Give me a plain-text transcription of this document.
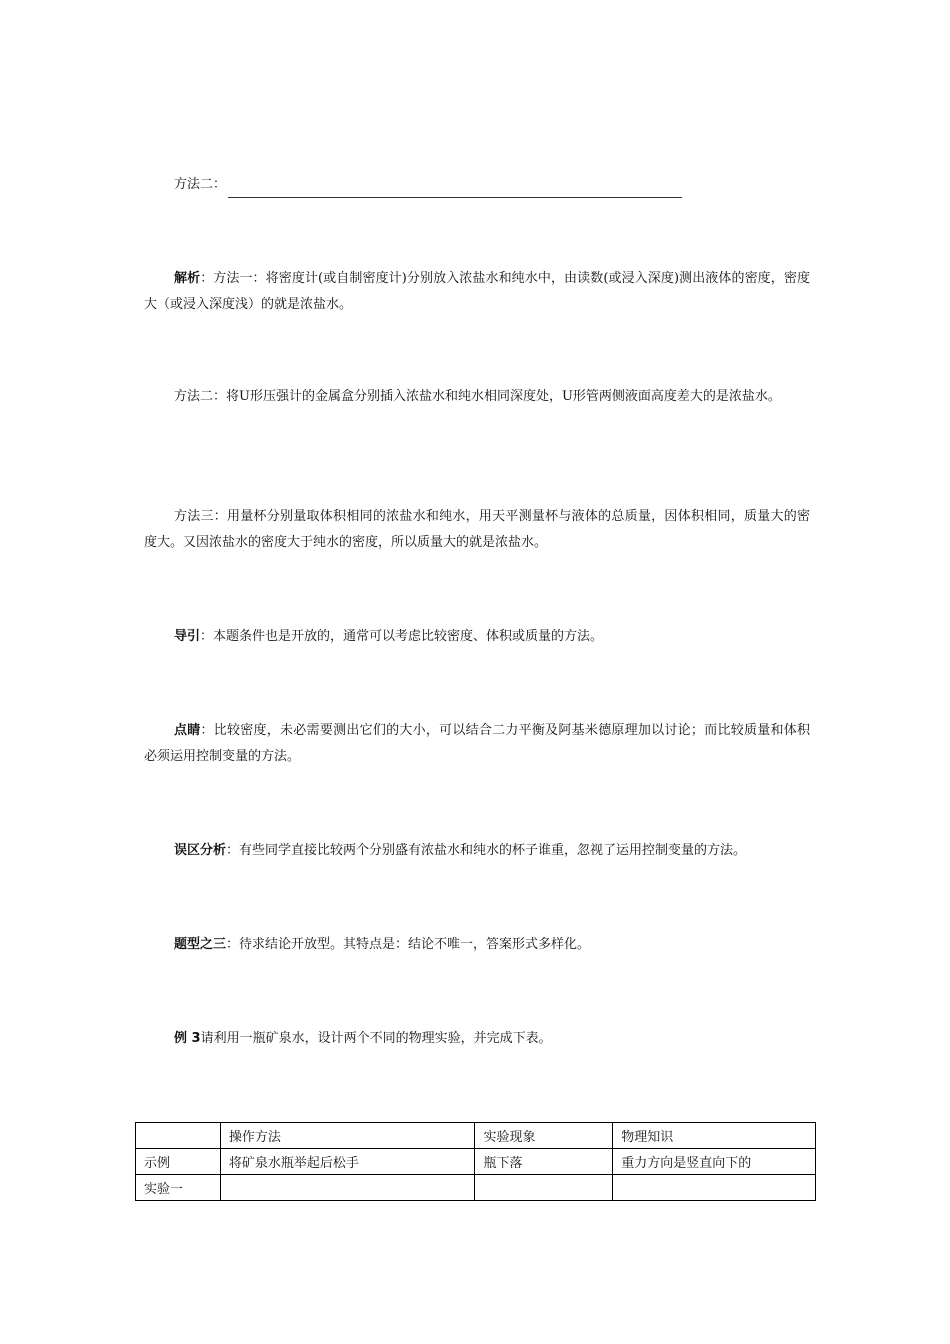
方法二：

解析：方法一：将密度计(或自制密度计)分别放入浓盐水和纯水中，由读数(或浸入深度)测出液体的密度，密度大（或浸入深度浅）的就是浓盐水。

方法二：将U形压强计的金属盒分别插入浓盐水和纯水相同深度处，U形管两侧液面高度差大的是浓盐水。

方法三：用量杯分别量取体积相同的浓盐水和纯水，用天平测量杯与液体的总质量，因体积相同，质量大的密度大。又因浓盐水的密度大于纯水的密度，所以质量大的就是浓盐水。

导引：本题条件也是开放的，通常可以考虑比较密度、体积或质量的方法。

点睛：比较密度，未必需要测出它们的大小，可以结合二力平衡及阿基米德原理加以讨论；而比较质量和体积必须运用控制变量的方法。

误区分析：有些同学直接比较两个分别盛有浓盐水和纯水的杯子谁重，忽视了运用控制变量的方法。

题型之三：待求结论开放型。其特点是：结论不唯一，答案形式多样化。

例 3请利用一瓶矿泉水，设计两个不同的物理实验，并完成下表。

	操作方法	实验现象	物理知识
示例	将矿泉水瓶举起后松手	瓶下落	重力方向是竖直向下的
实验一			
